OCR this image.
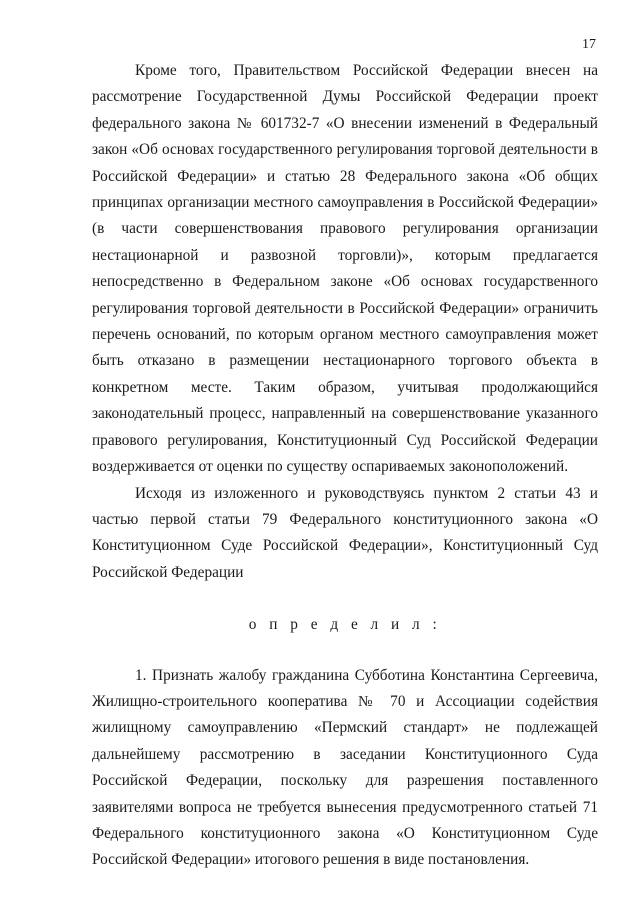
17

Кроме того, Правительством Российской Федерации внесен на рассмотрение Государственной Думы Российской Федерации проект федерального закона № 601732-7 «О внесении изменений в Федеральный закон «Об основах государственного регулирования торговой деятельности в Российской Федерации» и статью 28 Федерального закона «Об общих принципах организации местного самоуправления в Российской Федерации» (в части совершенствования правового регулирования организации нестационарной и развозной торговли)», которым предлагается непосредственно в Федеральном законе «Об основах государственного регулирования торговой деятельности в Российской Федерации» ограничить перечень оснований, по которым органом местного самоуправления может быть отказано в размещении нестационарного торгового объекта в конкретном месте. Таким образом, учитывая продолжающийся законодательный процесс, направленный на совершенствование указанного правового регулирования, Конституционный Суд Российской Федерации воздерживается от оценки по существу оспариваемых законоположений.

Исходя из изложенного и руководствуясь пунктом 2 статьи 43 и частью первой статьи 79 Федерального конституционного закона «О Конституционном Суде Российской Федерации», Конституционный Суд Российской Федерации

о п р е д е л и л :

1. Признать жалобу гражданина Субботина Константина Сергеевича, Жилищно-строительного кооператива № 70 и Ассоциации содействия жилищному самоуправлению «Пермский стандарт» не подлежащей дальнейшему рассмотрению в заседании Конституционного Суда Российской Федерации, поскольку для разрешения поставленного заявителями вопроса не требуется вынесения предусмотренного статьей 71 Федерального конституционного закона «О Конституционном Суде Российской Федерации» итогового решения в виде постановления.
